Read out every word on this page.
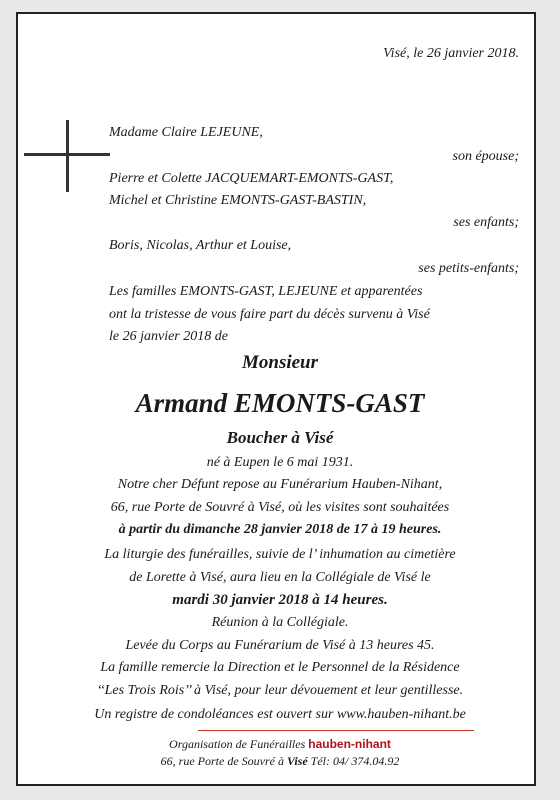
Visé, le 26 janvier 2018.
Madame Claire LEJEUNE,
son épouse;
Pierre et Colette JACQUEMART-EMONTS-GAST,
Michel et Christine EMONTS-GAST-BASTIN,
ses enfants;
Boris, Nicolas, Arthur et Louise,
ses petits-enfants;
Les familles EMONTS-GAST, LEJEUNE et apparentées
ont la tristesse de vous faire part du décès survenu à Visé
le 26 janvier 2018 de
Monsieur
Armand EMONTS-GAST
Boucher à Visé
né à Eupen le 6 mai 1931.
Notre cher Défunt repose au Funérarium Hauben-Nihant,
66, rue Porte de Souvré à Visé, où les visites sont souhaitées
à partir du dimanche 28 janvier 2018 de 17 à 19 heures.
La liturgie des funérailles, suivie de l’ inhumation au cimetière
de Lorette à Visé, aura lieu en la Collégiale de Visé le
mardi 30 janvier 2018 à 14 heures.
Réunion à la Collégiale.
Levée du Corps au Funérarium de Visé à 13 heures 45.
La famille remercie la Direction et le Personnel de la Résidence
‘‘Les Trois Rois’’ à Visé, pour leur dévouement et leur gentillesse.
Un registre de condoléances est ouvert sur www.hauben-nihant.be
Organisation de Funérailles hauben-nihant
66, rue Porte de Souvré à Visé Tél: 04/ 374.04.92
